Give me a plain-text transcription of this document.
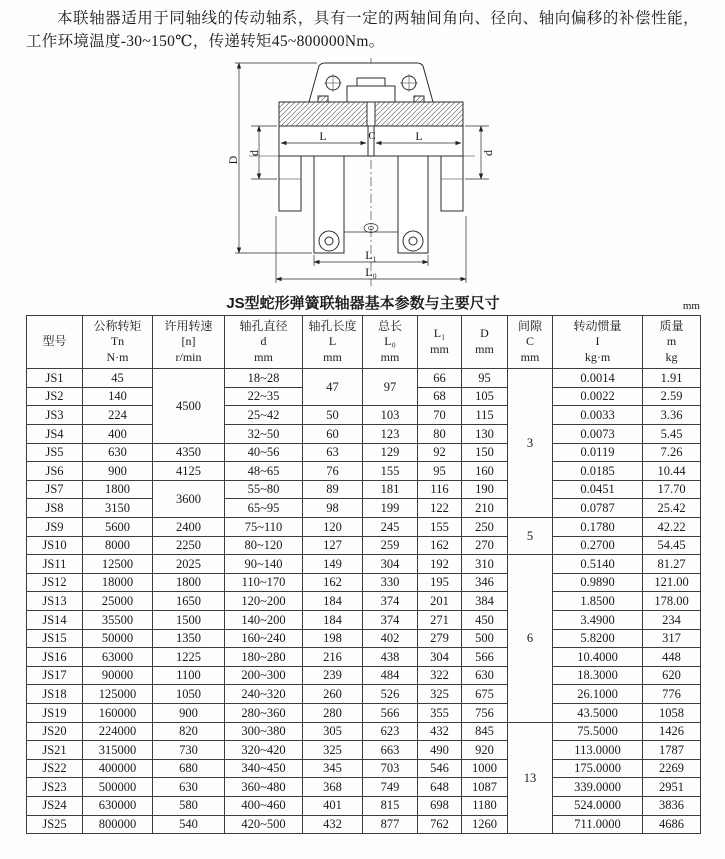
本联轴器适用于同轴线的传动轴系，具有一定的两轴间角向、径向、轴向偏移的补偿性能，工作环境温度-30~150℃，传递转矩45~800000Nm。

D
d	d
L	C	L
L₁
L₀
JS型蛇形弹簧联轴器基本参数与主要尺寸	mm
型号

公称转矩
Tn
N·m

许用转速
[n]
r/min

轴孔直径
d
mm

轴孔长度
L
mm

总长
L₀
mm

L₁
mm

D
mm

间隙
C
mm

转动惯量
I
kg·m

质量
m
kg

JS1	45	4500	18~28	47	97	66	95	3	0.0014	1.91
JS2	140		22~35			68	105		0.0022	2.59
JS3	224		25~42	50	103	70	115		0.0033	3.36
JS4	400		32~50	60	123	80	130		0.0073	5.45
JS5	630	4350	40~56	63	129	92	150		0.0119	7.26
JS6	900	4125	48~65	76	155	95	160		0.0185	10.44
JS7	1800	3600	55~80	89	181	116	190		0.0451	17.70
JS8	3150		65~95	98	199	122	210		0.0787	25.42
JS9	5600	2400	75~110	120	245	155	250	5	0.1780	42.22
JS10	8000	2250	80~120	127	259	162	270		0.2700	54.45
JS11	12500	2025	90~140	149	304	192	310	6	0.5140	81.27
JS12	18000	1800	110~170	162	330	195	346		0.9890	121.00
JS13	25000	1650	120~200	184	374	201	384		1.8500	178.00
JS14	35500	1500	140~200	184	374	271	450		3.4900	234
JS15	50000	1350	160~240	198	402	279	500		5.8200	317
JS16	63000	1225	180~280	216	438	304	566		10.4000	448
JS17	90000	1100	200~300	239	484	322	630		18.3000	620
JS18	125000	1050	240~320	260	526	325	675		26.1000	776
JS19	160000	900	280~360	280	566	355	756		43.5000	1058
JS20	224000	820	300~380	305	623	432	845	13	75.5000	1426
JS21	315000	730	320~420	325	663	490	920		113.0000	1787
JS22	400000	680	340~450	345	703	546	1000		175.0000	2269
JS23	500000	630	360~480	368	749	648	1087		339.0000	2951
JS24	630000	580	400~460	401	815	698	1180		524.0000	3836
JS25	800000	540	420~500	432	877	762	1260		711.0000	4686
